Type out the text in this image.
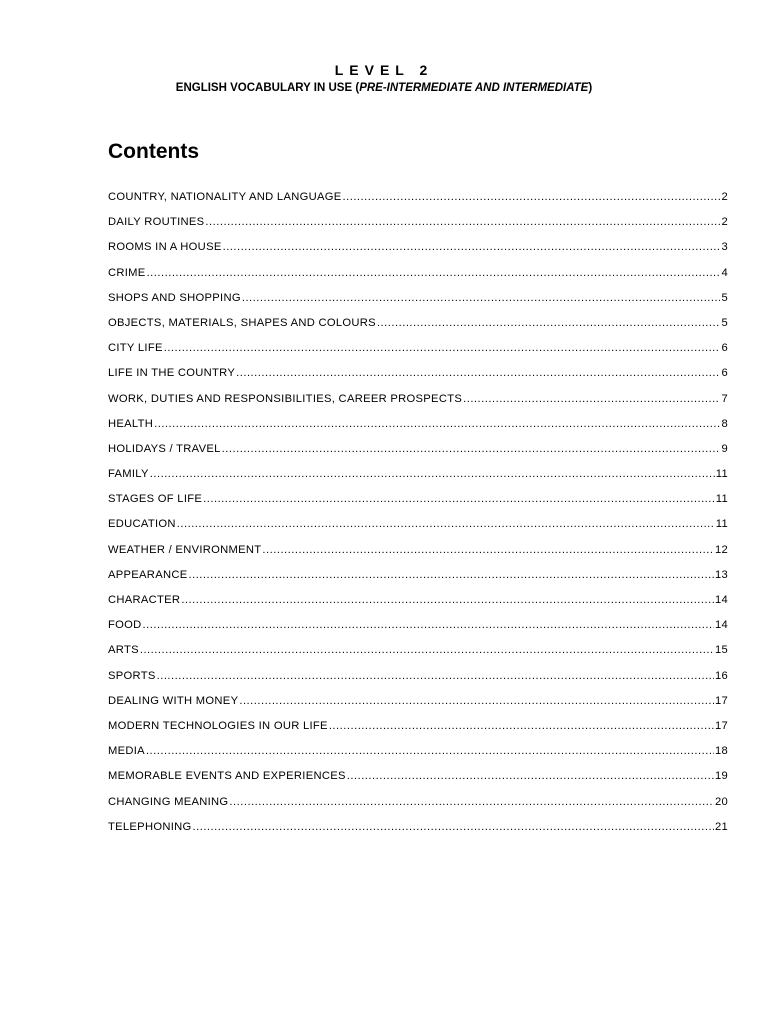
LEVEL 2
ENGLISH VOCABULARY IN USE (PRE-INTERMEDIATE AND INTERMEDIATE)
Contents
COUNTRY, NATIONALITY AND LANGUAGE .....	2
DAILY ROUTINES .....	2
ROOMS IN A HOUSE .....	3
CRIME .....	4
SHOPS AND SHOPPING .....	5
OBJECTS, MATERIALS, SHAPES AND COLOURS .....	5
CITY LIFE .....	6
LIFE IN THE COUNTRY .....	6
WORK, DUTIES AND RESPONSIBILITIES, CAREER PROSPECTS .....	7
HEALTH .....	8
HOLIDAYS / TRAVEL .....	9
FAMILY .....	11
STAGES OF LIFE .....	11
EDUCATION .....	11
WEATHER / ENVIRONMENT .....	12
APPEARANCE .....	13
CHARACTER .....	14
FOOD .....	14
ARTS .....	15
SPORTS .....	16
DEALING WITH MONEY .....	17
MODERN TECHNOLOGIES IN OUR LIFE .....	17
MEDIA .....	18
MEMORABLE EVENTS AND EXPERIENCES .....	19
CHANGING MEANING .....	20
TELEPHONING .....	21
